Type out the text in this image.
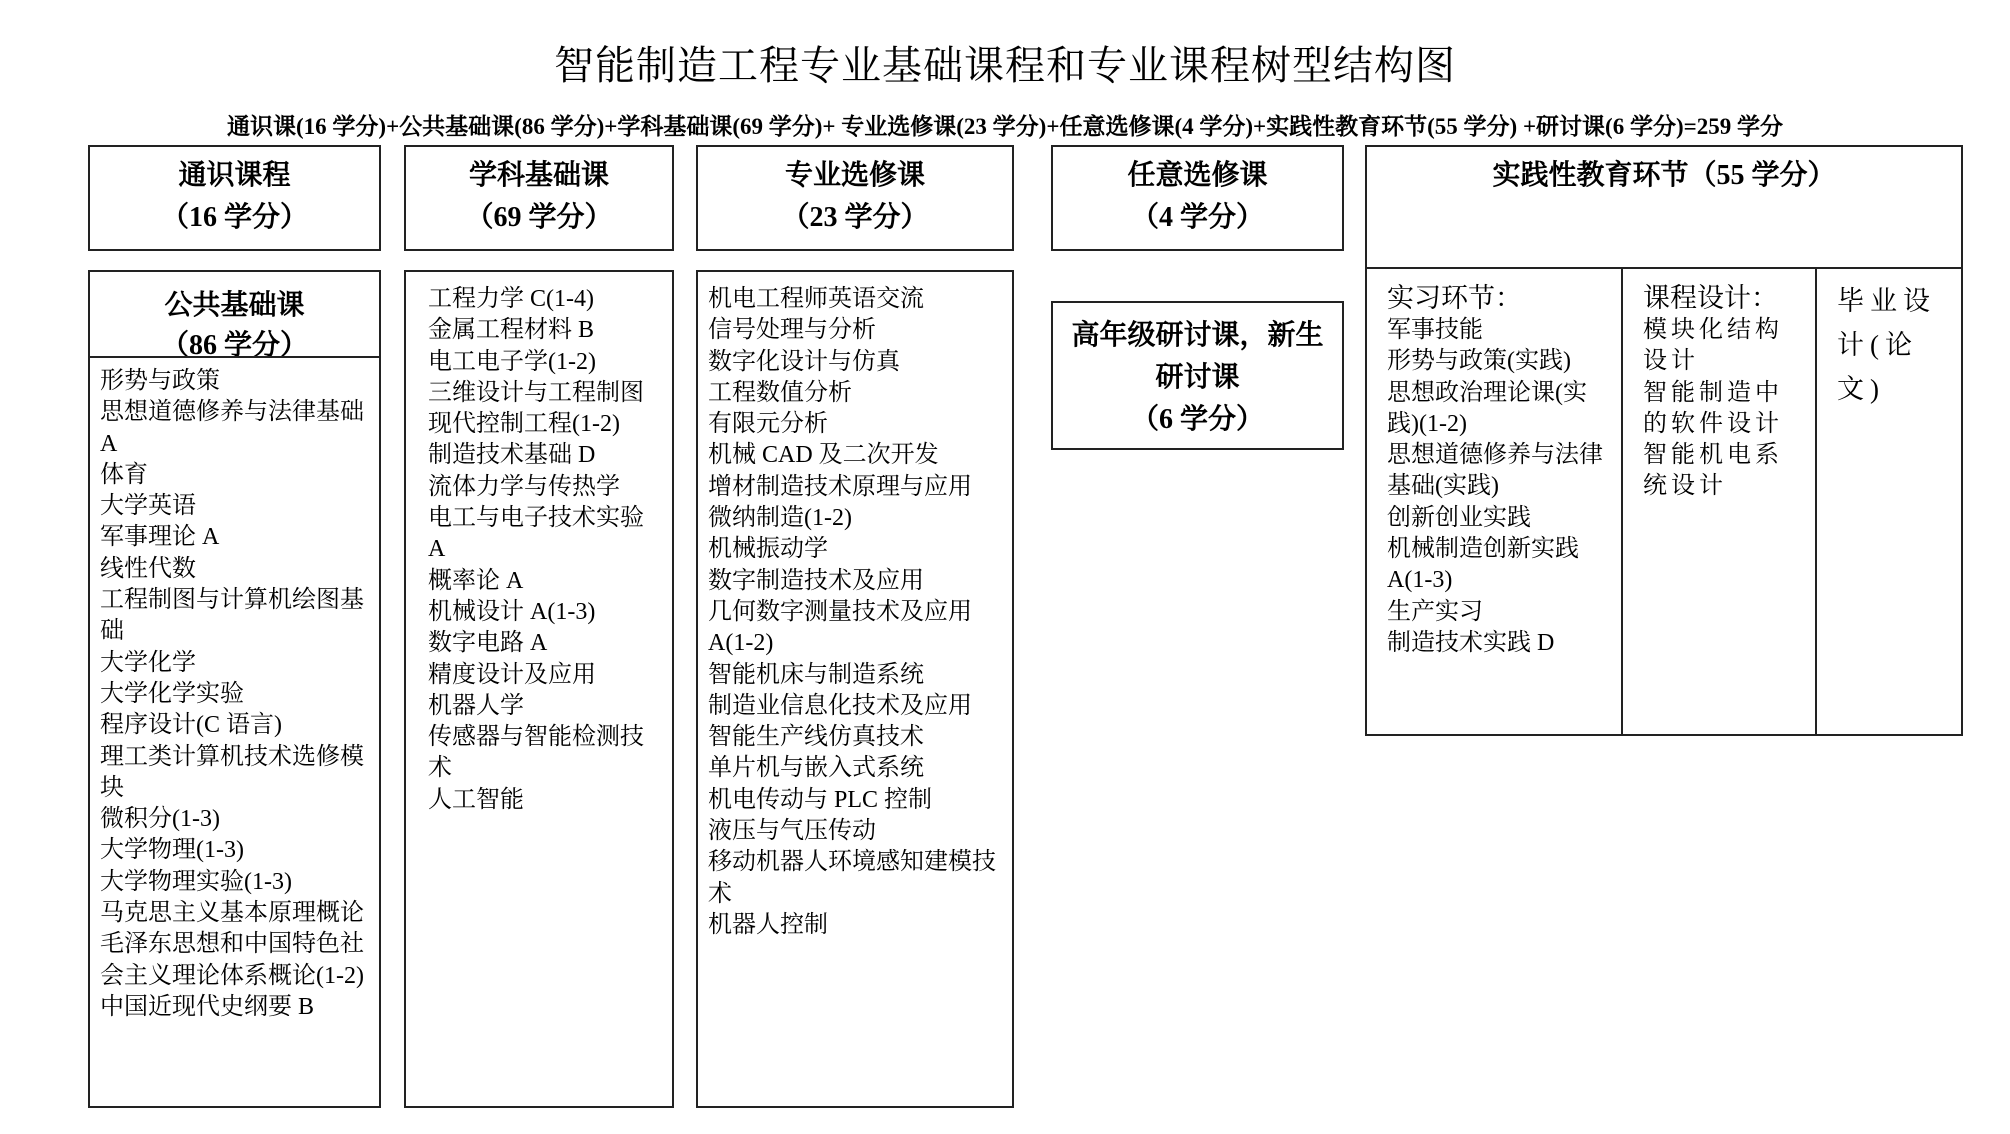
智能制造工程专业基础课程和专业课程树型结构图
通识课(16 学分)+公共基础课(86 学分)+学科基础课(69 学分)+ 专业选修课(23 学分)+任意选修课(4 学分)+实践性教育环节(55 学分) +研讨课(6 学分)=259 学分
通识课程
（16 学分）
学科基础课
（69 学分）
专业选修课
（23 学分）
任意选修课
（4 学分）
实践性教育环节（55 学分）
实习环节：
军事技能
形势与政策(实践)
思想政治理论课(实践)(1-2)
思想道德修养与法律基础(实践)
创新创业实践
机械制造创新实践 A(1-3)
生产实习
制造技术实践 D
课程设计：
模块化结构设计
智能制造中的软件设计
智能机电系统设计
毕业设计(论文)
公共基础课
（86 学分）
形势与政策
思想道德修养与法律基础 A
体育
大学英语
军事理论 A
线性代数
工程制图与计算机绘图基础
大学化学
大学化学实验
程序设计(C 语言)
理工类计算机技术选修模块
微积分(1-3)
大学物理(1-3)
大学物理实验(1-3)
马克思主义基本原理概论
毛泽东思想和中国特色社会主义理论体系概论(1-2)
中国近现代史纲要 B
工程力学 C(1-4)
金属工程材料 B
电工电子学(1-2)
三维设计与工程制图
现代控制工程(1-2)
制造技术基础 D
流体力学与传热学
电工与电子技术实验 A
概率论 A
机械设计 A(1-3)
数字电路 A
精度设计及应用
机器人学
传感器与智能检测技术
人工智能
机电工程师英语交流
信号处理与分析
数字化设计与仿真
工程数值分析
有限元分析
机械 CAD 及二次开发
增材制造技术原理与应用
微纳制造(1-2)
机械振动学
数字制造技术及应用
几何数字测量技术及应用 A(1-2)
智能机床与制造系统
制造业信息化技术及应用
智能生产线仿真技术
单片机与嵌入式系统
机电传动与 PLC 控制
液压与气压传动
移动机器人环境感知建模技术
机器人控制
高年级研讨课，新生
研讨课
（6 学分）
